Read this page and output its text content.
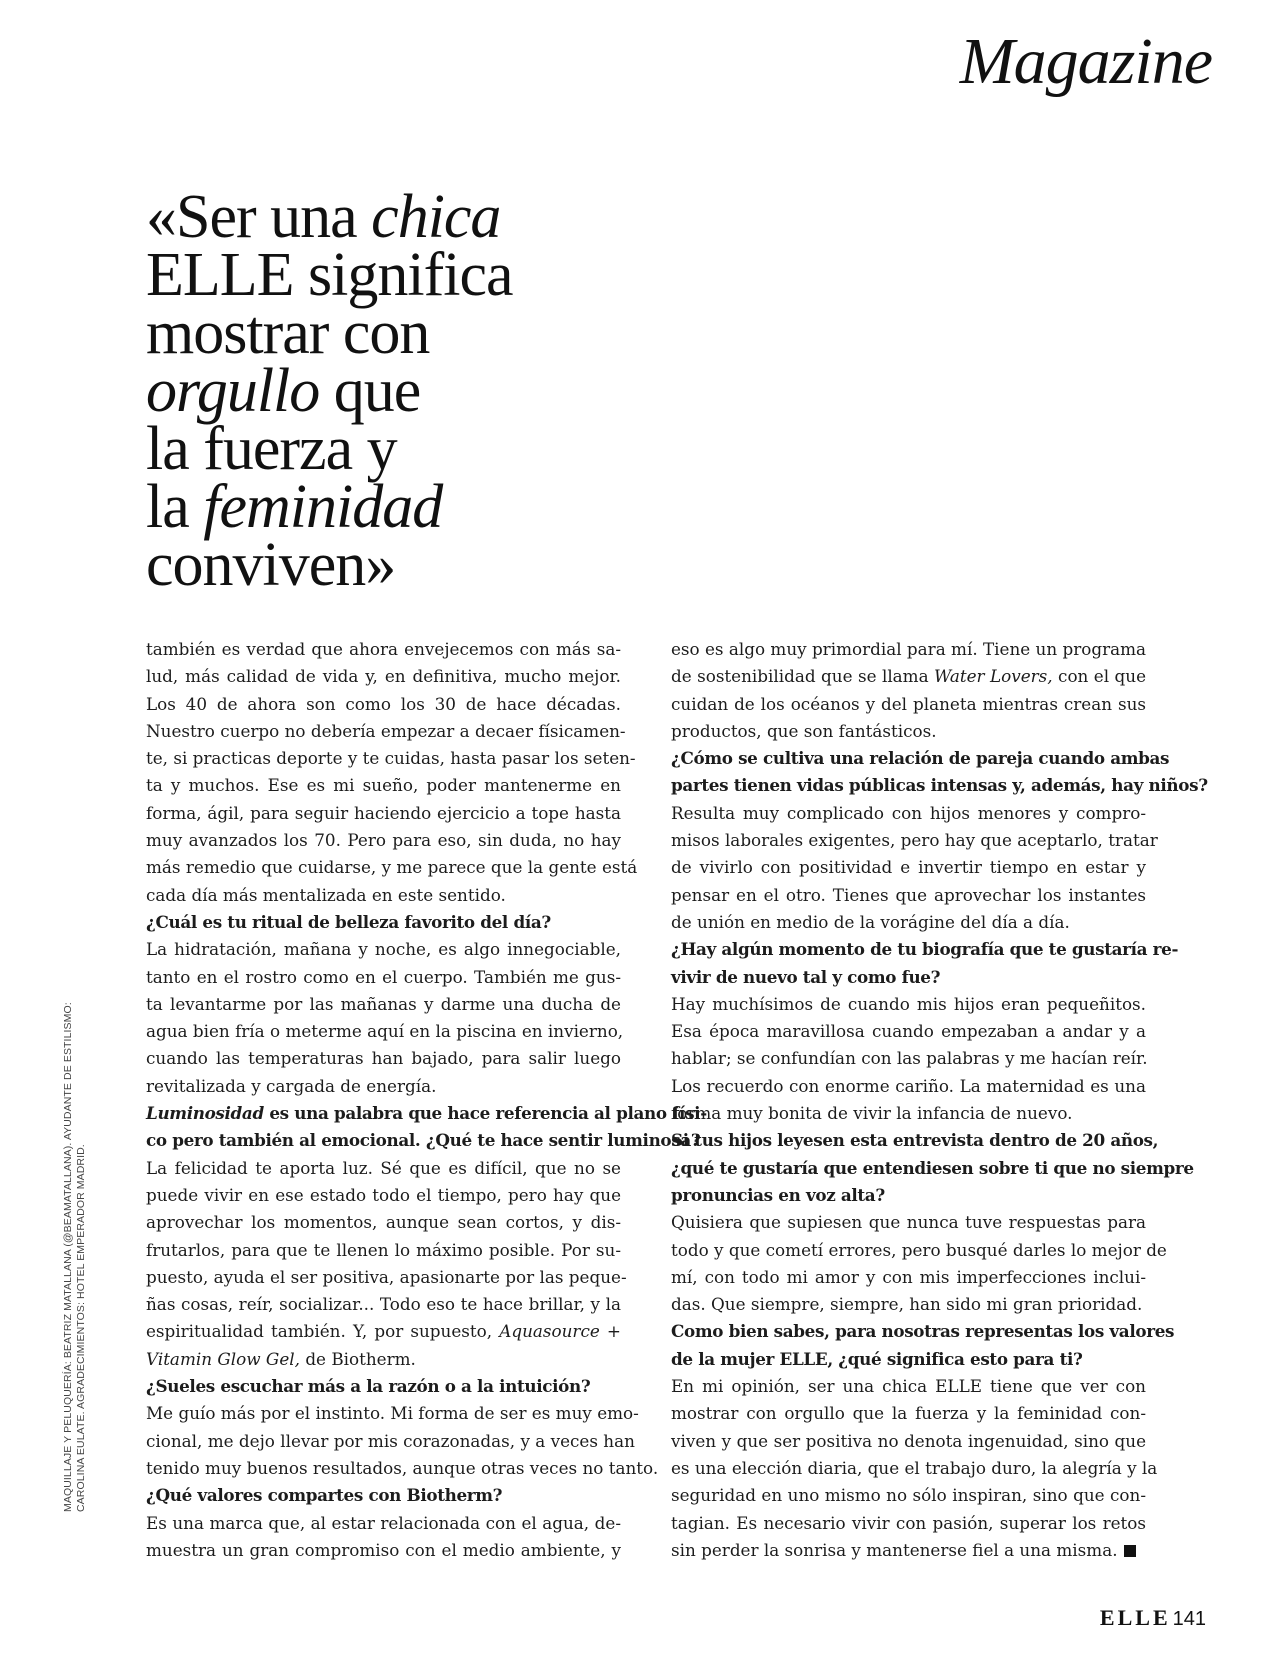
Magazine
«Ser una chica
ELLE significa
mostrar con
orgullo que
la fuerza y
la feminidad
conviven»
MAQUILLAJE Y PELUQUERÍA: BEATRIZ MATALLANA (@BEAMATALLANA). AYUDANTE DE ESTILISMO: CAROLINA EULATE. AGRADECIMIENTOS: HOTEL EMPERADOR MADRID.
también es verdad que ahora envejecemos con más sa-
lud, más calidad de vida y, en definitiva, mucho mejor.
Los 40 de ahora son como los 30 de hace décadas.
Nuestro cuerpo no debería empezar a decaer físicamen-
te, si practicas deporte y te cuidas, hasta pasar los seten-
ta y muchos. Ese es mi sueño, poder mantenerme en
forma, ágil, para seguir haciendo ejercicio a tope hasta
muy avanzados los 70. Pero para eso, sin duda, no hay
más remedio que cuidarse, y me parece que la gente está
cada día más mentalizada en este sentido.
¿Cuál es tu ritual de belleza favorito del día?
La hidratación, mañana y noche, es algo innegociable,
tanto en el rostro como en el cuerpo. También me gus-
ta levantarme por las mañanas y darme una ducha de
agua bien fría o meterme aquí en la piscina en invierno,
cuando las temperaturas han bajado, para salir luego
revitalizada y cargada de energía.
Luminosidad es una palabra que hace referencia al plano físi-
co pero también al emocional. ¿Qué te hace sentir luminosa?
La felicidad te aporta luz. Sé que es difícil, que no se
puede vivir en ese estado todo el tiempo, pero hay que
aprovechar los momentos, aunque sean cortos, y dis-
frutarlos, para que te llenen lo máximo posible. Por su-
puesto, ayuda el ser positiva, apasionarte por las peque-
ñas cosas, reír, socializar... Todo eso te hace brillar, y la
espiritualidad también. Y, por supuesto, Aquasource +
Vitamin Glow Gel, de Biotherm.
¿Sueles escuchar más a la razón o a la intuición?
Me guío más por el instinto. Mi forma de ser es muy emo-
cional, me dejo llevar por mis corazonadas, y a veces han
tenido muy buenos resultados, aunque otras veces no tanto.
¿Qué valores compartes con Biotherm?
Es una marca que, al estar relacionada con el agua, de-
muestra un gran compromiso con el medio ambiente, y
eso es algo muy primordial para mí. Tiene un programa
de sostenibilidad que se llama Water Lovers, con el que
cuidan de los océanos y del planeta mientras crean sus
productos, que son fantásticos.
¿Cómo se cultiva una relación de pareja cuando ambas
partes tienen vidas públicas intensas y, además, hay niños?
Resulta muy complicado con hijos menores y compro-
misos laborales exigentes, pero hay que aceptarlo, tratar
de vivirlo con positividad e invertir tiempo en estar y
pensar en el otro. Tienes que aprovechar los instantes
de unión en medio de la vorágine del día a día.
¿Hay algún momento de tu biografía que te gustaría re-
vivir de nuevo tal y como fue?
Hay muchísimos de cuando mis hijos eran pequeñitos.
Esa época maravillosa cuando empezaban a andar y a
hablar; se confundían con las palabras y me hacían reír.
Los recuerdo con enorme cariño. La maternidad es una
forma muy bonita de vivir la infancia de nuevo.
Si tus hijos leyesen esta entrevista dentro de 20 años,
¿qué te gustaría que entendiesen sobre ti que no siempre
pronuncias en voz alta?
Quisiera que supiesen que nunca tuve respuestas para
todo y que cometí errores, pero busqué darles lo mejor de
mí, con todo mi amor y con mis imperfecciones inclui-
das. Que siempre, siempre, han sido mi gran prioridad.
Como bien sabes, para nosotras representas los valores
de la mujer ELLE, ¿qué significa esto para ti?
En mi opinión, ser una chica ELLE tiene que ver con
mostrar con orgullo que la fuerza y la feminidad con-
viven y que ser positiva no denota ingenuidad, sino que
es una elección diaria, que el trabajo duro, la alegría y la
seguridad en uno mismo no sólo inspiran, sino que con-
tagian. Es necesario vivir con pasión, superar los retos
sin perder la sonrisa y mantenerse fiel a una misma.
ELLE 141
